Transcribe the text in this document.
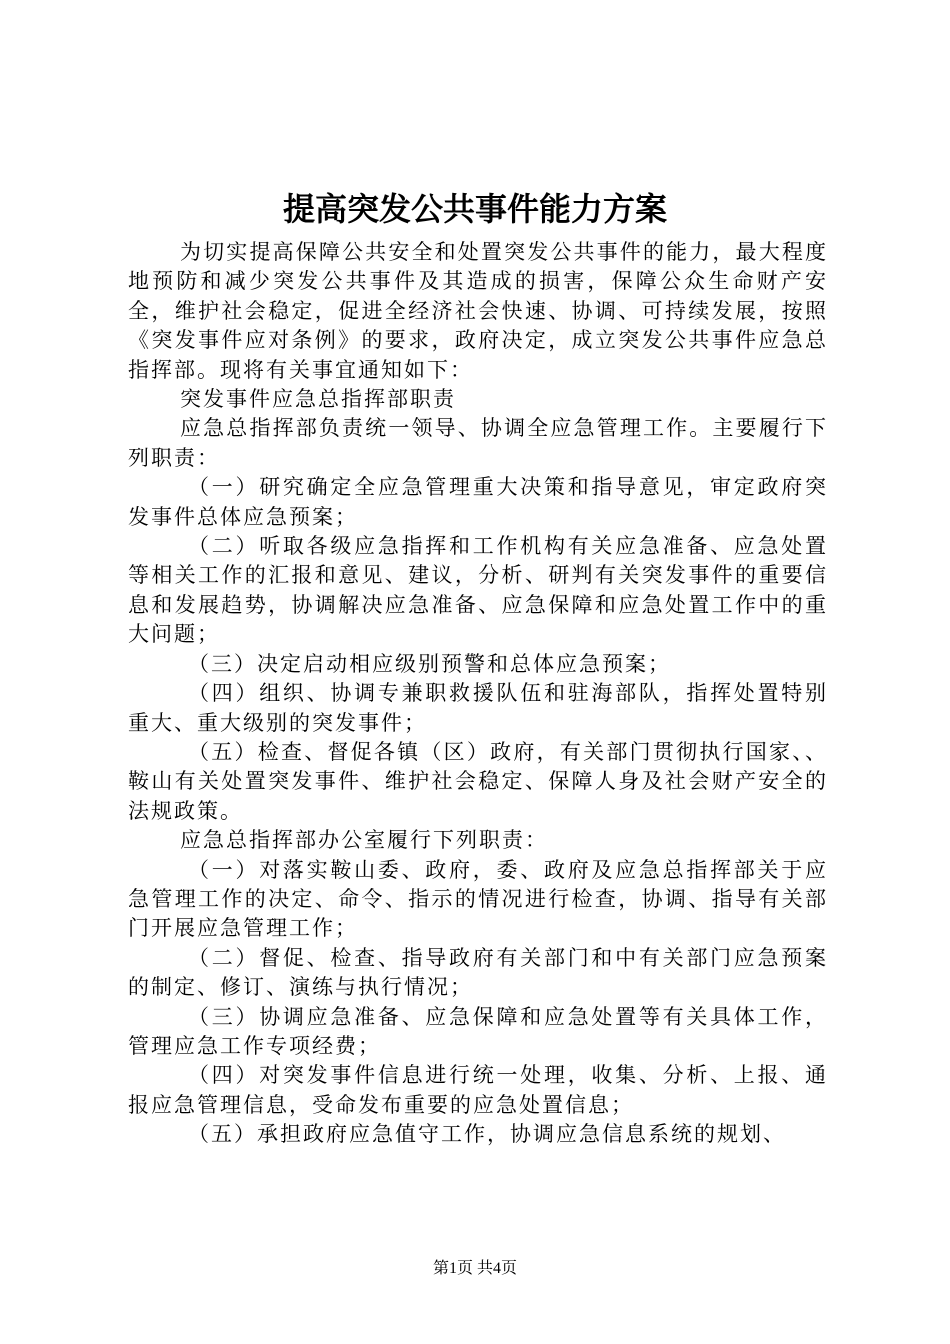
提高突发公共事件能力方案

为切实提高保障公共安全和处置突发公共事件的能力，最大程度地预防和减少突发公共事件及其造成的损害，保障公众生命财产安全，维护社会稳定，促进全经济社会快速、协调、可持续发展，按照《突发事件应对条例》的要求，政府决定，成立突发公共事件应急总指挥部。现将有关事宜通知如下：

突发事件应急总指挥部职责

应急总指挥部负责统一领导、协调全应急管理工作。主要履行下列职责：

（一）研究确定全应急管理重大决策和指导意见，审定政府突发事件总体应急预案；

（二）听取各级应急指挥和工作机构有关应急准备、应急处置等相关工作的汇报和意见、建议，分析、研判有关突发事件的重要信息和发展趋势，协调解决应急准备、应急保障和应急处置工作中的重大问题；

（三）决定启动相应级别预警和总体应急预案；

（四）组织、协调专兼职救援队伍和驻海部队，指挥处置特别重大、重大级别的突发事件；

（五）检查、督促各镇（区）政府，有关部门贯彻执行国家、、鞍山有关处置突发事件、维护社会稳定、保障人身及社会财产安全的法规政策。

应急总指挥部办公室履行下列职责：

（一）对落实鞍山委、政府，委、政府及应急总指挥部关于应急管理工作的决定、命令、指示的情况进行检查，协调、指导有关部门开展应急管理工作；

（二）督促、检查、指导政府有关部门和中有关部门应急预案的制定、修订、演练与执行情况；

（三）协调应急准备、应急保障和应急处置等有关具体工作，管理应急工作专项经费；

（四）对突发事件信息进行统一处理，收集、分析、上报、通报应急管理信息，受命发布重要的应急处置信息；

（五）承担政府应急值守工作，协调应急信息系统的规划、

第1页 共4页
